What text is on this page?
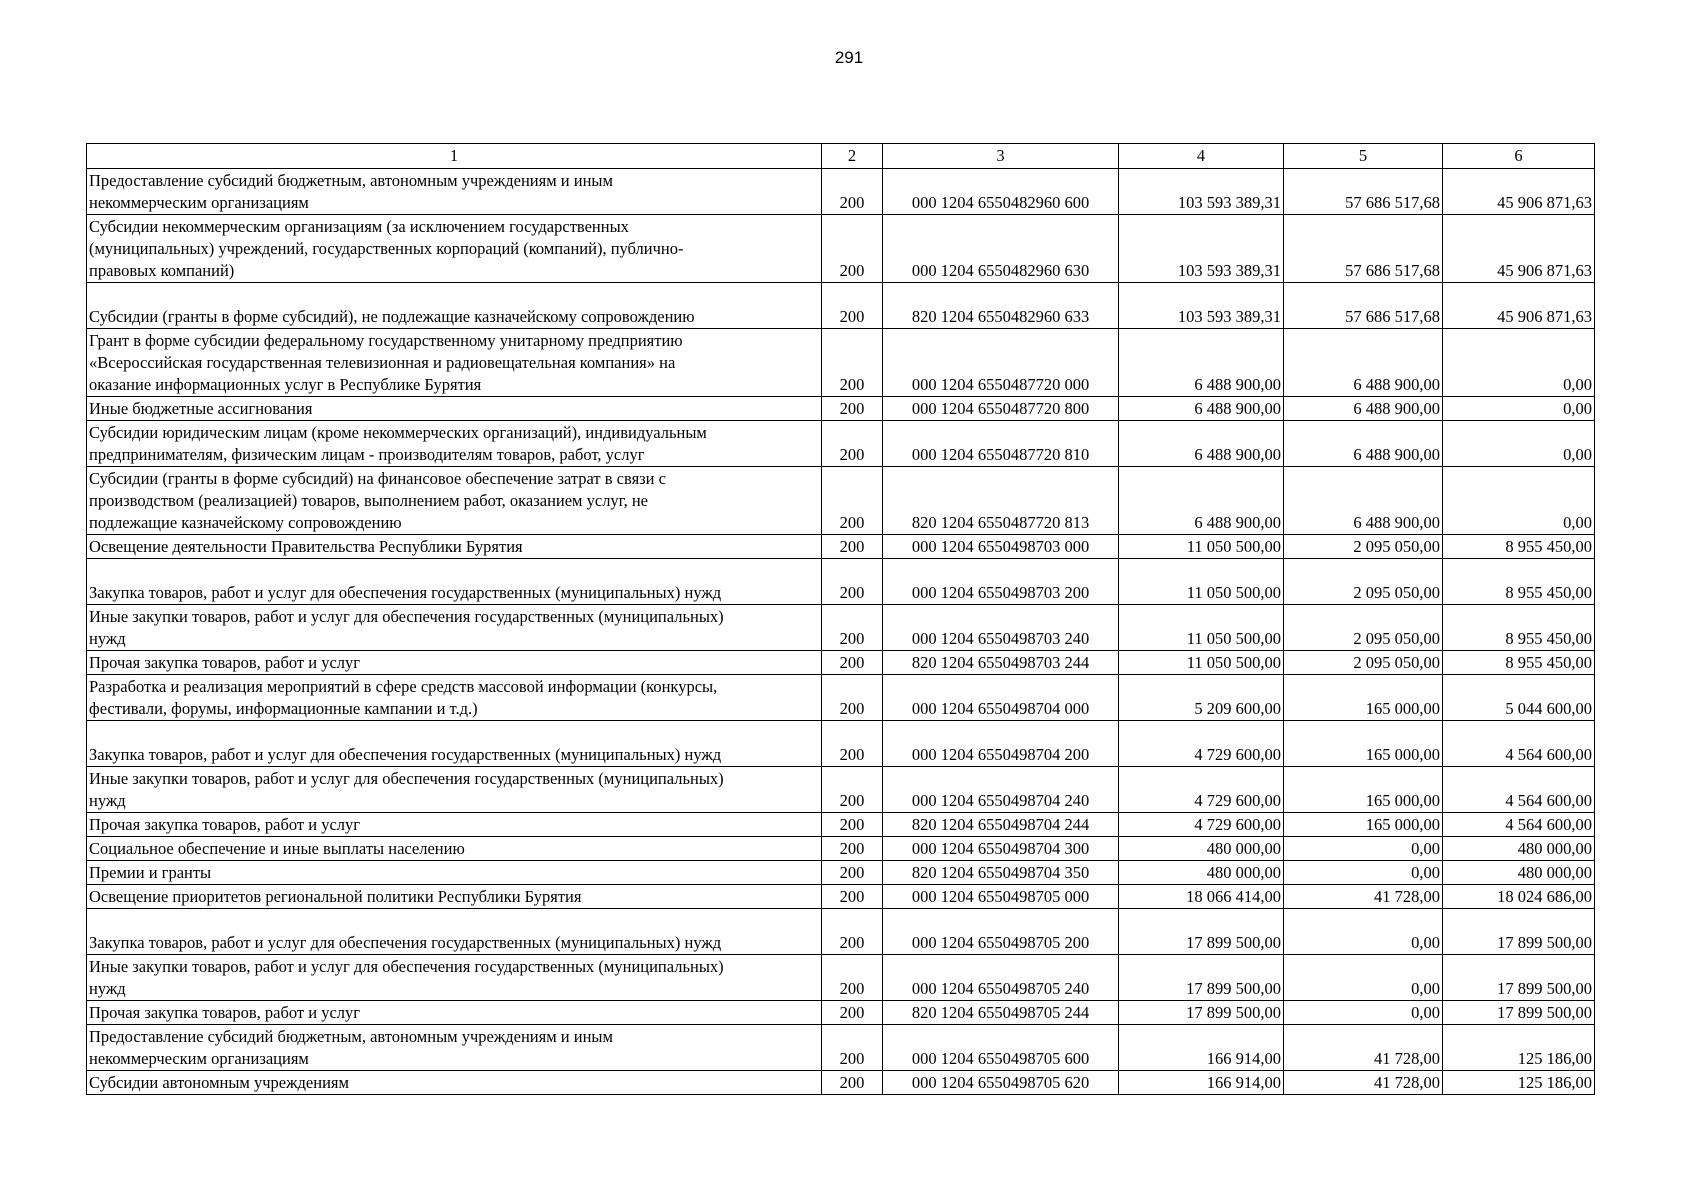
291
1	2	3	4	5	6
Предоставление субсидий бюджетным, автономным учреждениям и иным
некоммерческим организациям	200	000 1204 6550482960 600	103 593 389,31	57 686 517,68	45 906 871,63
Субсидии некоммерческим организациям (за исключением государственных
(муниципальных) учреждений, государственных корпораций (компаний), публично-
правовых компаний)	200	000 1204 6550482960 630	103 593 389,31	57 686 517,68	45 906 871,63
Субсидии (гранты в форме субсидий), не подлежащие казначейскому сопровождению	200	820 1204 6550482960 633	103 593 389,31	57 686 517,68	45 906 871,63
Грант в форме субсидии федеральному государственному унитарному предприятию
«Всероссийская государственная телевизионная и радиовещательная компания» на
оказание информационных услуг в Республике Бурятия	200	000 1204 6550487720 000	6 488 900,00	6 488 900,00	0,00
Иные бюджетные ассигнования	200	000 1204 6550487720 800	6 488 900,00	6 488 900,00	0,00
Субсидии юридическим лицам (кроме некоммерческих организаций), индивидуальным
предпринимателям, физическим лицам - производителям товаров, работ, услуг	200	000 1204 6550487720 810	6 488 900,00	6 488 900,00	0,00
Субсидии (гранты в форме субсидий) на финансовое обеспечение затрат в связи с
производством (реализацией) товаров, выполнением работ, оказанием услуг, не
подлежащие казначейскому сопровождению	200	820 1204 6550487720 813	6 488 900,00	6 488 900,00	0,00
Освещение деятельности Правительства Республики Бурятия	200	000 1204 6550498703 000	11 050 500,00	2 095 050,00	8 955 450,00
Закупка товаров, работ и услуг для обеспечения государственных (муниципальных) нужд	200	000 1204 6550498703 200	11 050 500,00	2 095 050,00	8 955 450,00
Иные закупки товаров, работ и услуг для обеспечения государственных (муниципальных)
нужд	200	000 1204 6550498703 240	11 050 500,00	2 095 050,00	8 955 450,00
Прочая закупка товаров, работ и услуг	200	820 1204 6550498703 244	11 050 500,00	2 095 050,00	8 955 450,00
Разработка и реализация мероприятий в сфере средств массовой информации (конкурсы,
фестивали, форумы, информационные кампании и т.д.)	200	000 1204 6550498704 000	5 209 600,00	165 000,00	5 044 600,00
Закупка товаров, работ и услуг для обеспечения государственных (муниципальных) нужд	200	000 1204 6550498704 200	4 729 600,00	165 000,00	4 564 600,00
Иные закупки товаров, работ и услуг для обеспечения государственных (муниципальных)
нужд	200	000 1204 6550498704 240	4 729 600,00	165 000,00	4 564 600,00
Прочая закупка товаров, работ и услуг	200	820 1204 6550498704 244	4 729 600,00	165 000,00	4 564 600,00
Социальное обеспечение и иные выплаты населению	200	000 1204 6550498704 300	480 000,00	0,00	480 000,00
Премии и гранты	200	820 1204 6550498704 350	480 000,00	0,00	480 000,00
Освещение приоритетов региональной политики Республики Бурятия	200	000 1204 6550498705 000	18 066 414,00	41 728,00	18 024 686,00
Закупка товаров, работ и услуг для обеспечения государственных (муниципальных) нужд	200	000 1204 6550498705 200	17 899 500,00	0,00	17 899 500,00
Иные закупки товаров, работ и услуг для обеспечения государственных (муниципальных)
нужд	200	000 1204 6550498705 240	17 899 500,00	0,00	17 899 500,00
Прочая закупка товаров, работ и услуг	200	820 1204 6550498705 244	17 899 500,00	0,00	17 899 500,00
Предоставление субсидий бюджетным, автономным учреждениям и иным
некоммерческим организациям	200	000 1204 6550498705 600	166 914,00	41 728,00	125 186,00
Субсидии автономным учреждениям	200	000 1204 6550498705 620	166 914,00	41 728,00	125 186,00
